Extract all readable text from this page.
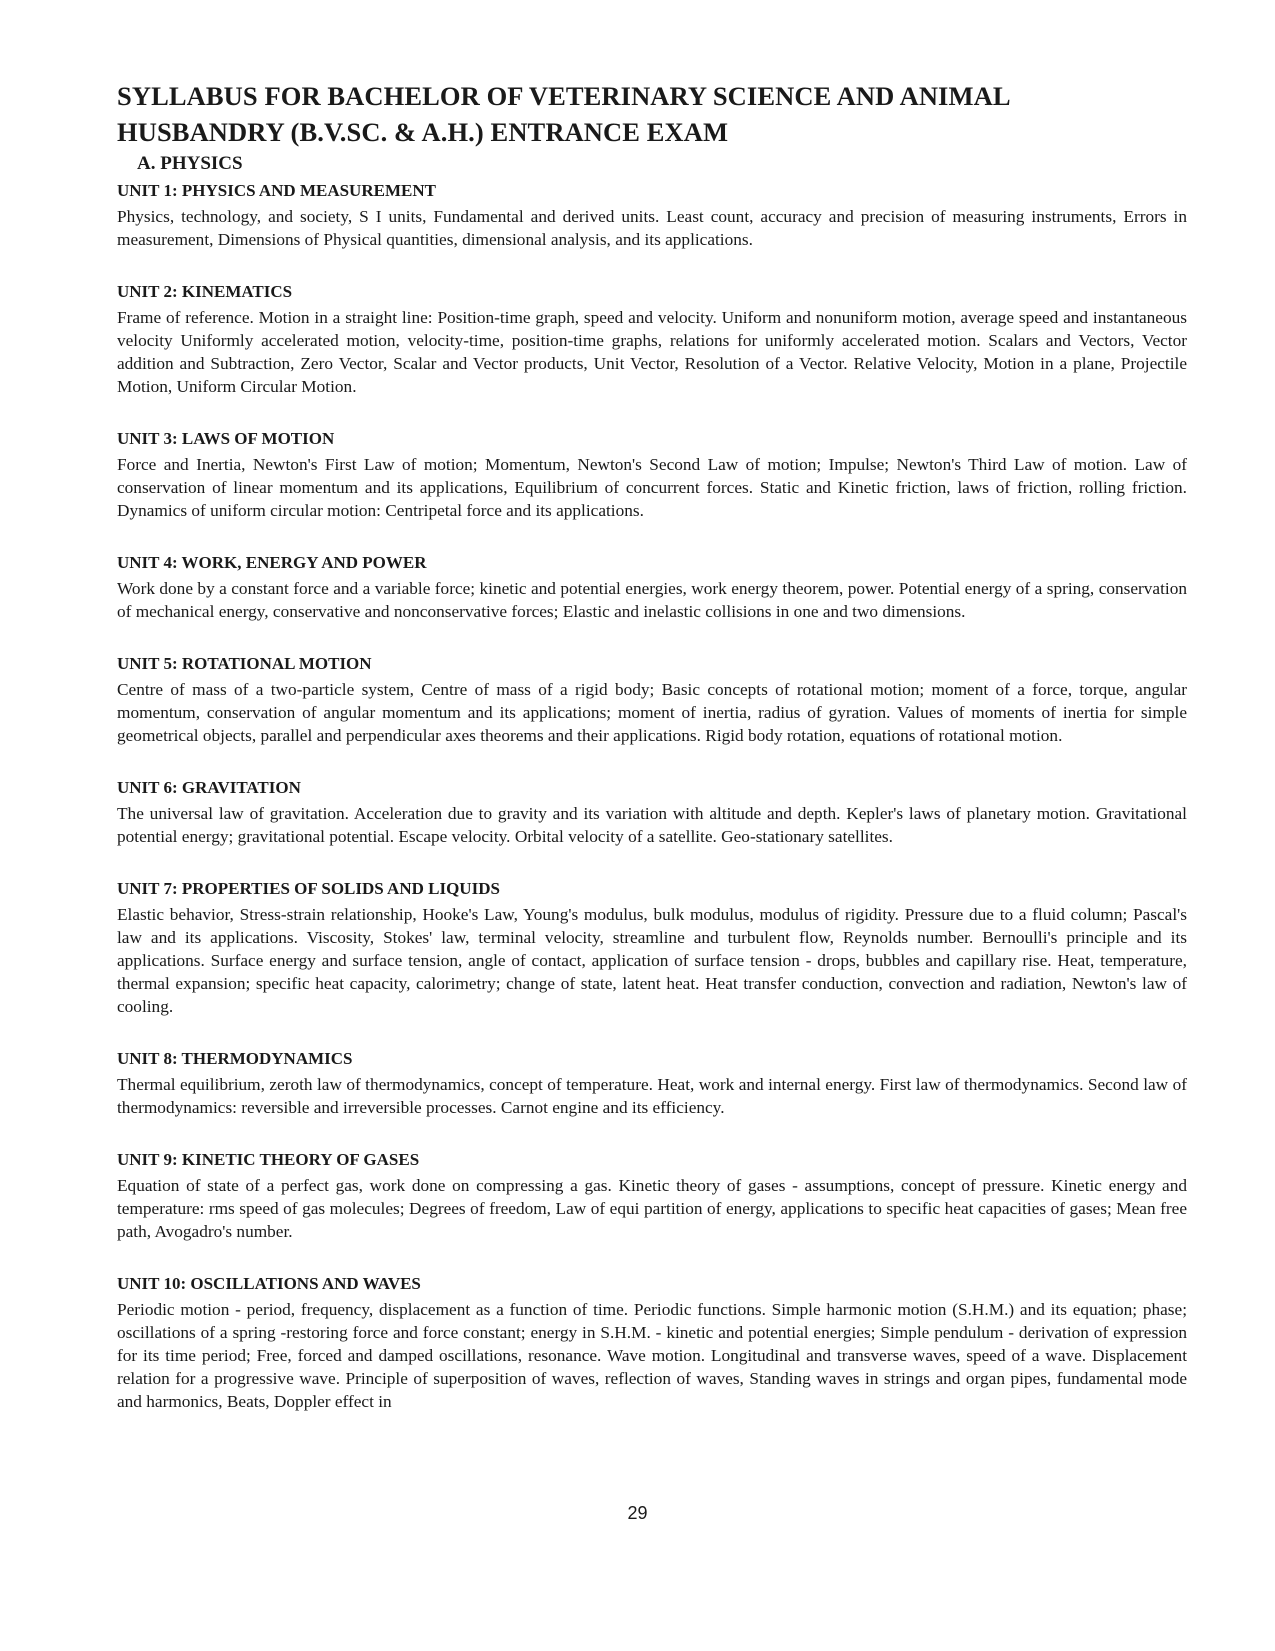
SYLLABUS FOR BACHELOR OF VETERINARY SCIENCE AND ANIMAL
HUSBANDRY (B.V.SC. & A.H.) ENTRANCE EXAM
A. PHYSICS
UNIT 1: PHYSICS AND MEASUREMENT

Physics, technology, and society, S I units, Fundamental and derived units. Least count, accuracy and precision of measuring instruments, Errors in measurement, Dimensions of Physical quantities, dimensional analysis, and its applications.

UNIT 2: KINEMATICS

Frame of reference. Motion in a straight line: Position-time graph, speed and velocity. Uniform and nonuniform motion, average speed and instantaneous velocity Uniformly accelerated motion, velocity-time, position-time graphs, relations for uniformly accelerated motion. Scalars and Vectors, Vector addition and Subtraction, Zero Vector, Scalar and Vector products, Unit Vector, Resolution of a Vector. Relative Velocity, Motion in a plane, Projectile Motion, Uniform Circular Motion.

UNIT 3: LAWS OF MOTION

Force and Inertia, Newton's First Law of motion; Momentum, Newton's Second Law of motion; Impulse; Newton's Third Law of motion. Law of conservation of linear momentum and its applications, Equilibrium of concurrent forces. Static and Kinetic friction, laws of friction, rolling friction. Dynamics of uniform circular motion: Centripetal force and its applications.

UNIT 4: WORK, ENERGY AND POWER

Work done by a constant force and a variable force; kinetic and potential energies, work energy theorem, power. Potential energy of a spring, conservation of mechanical energy, conservative and nonconservative forces; Elastic and inelastic collisions in one and two dimensions.

UNIT 5: ROTATIONAL MOTION

Centre of mass of a two-particle system, Centre of mass of a rigid body; Basic concepts of rotational motion; moment of a force, torque, angular momentum, conservation of angular momentum and its applications; moment of inertia, radius of gyration. Values of moments of inertia for simple geometrical objects, parallel and perpendicular axes theorems and their applications. Rigid body rotation, equations of rotational motion.

UNIT 6: GRAVITATION

The universal law of gravitation. Acceleration due to gravity and its variation with altitude and depth. Kepler's laws of planetary motion. Gravitational potential energy; gravitational potential. Escape velocity. Orbital velocity of a satellite. Geo-stationary satellites.

UNIT 7: PROPERTIES OF SOLIDS AND LIQUIDS

Elastic behavior, Stress-strain relationship, Hooke's Law, Young's modulus, bulk modulus, modulus of rigidity. Pressure due to a fluid column; Pascal's law and its applications. Viscosity, Stokes' law, terminal velocity, streamline and turbulent flow, Reynolds number. Bernoulli's principle and its applications. Surface energy and surface tension, angle of contact, application of surface tension - drops, bubbles and capillary rise. Heat, temperature, thermal expansion; specific heat capacity, calorimetry; change of state, latent heat. Heat transfer conduction, convection and radiation, Newton's law of cooling.

UNIT 8: THERMODYNAMICS

Thermal equilibrium, zeroth law of thermodynamics, concept of temperature. Heat, work and internal energy. First law of thermodynamics. Second law of thermodynamics: reversible and irreversible processes. Carnot engine and its efficiency.

UNIT 9: KINETIC THEORY OF GASES

Equation of state of a perfect gas, work done on compressing a gas. Kinetic theory of gases - assumptions, concept of pressure. Kinetic energy and temperature: rms speed of gas molecules; Degrees of freedom, Law of equi partition of energy, applications to specific heat capacities of gases; Mean free path, Avogadro's number.

UNIT 10: OSCILLATIONS AND WAVES

Periodic motion - period, frequency, displacement as a function of time. Periodic functions. Simple harmonic motion (S.H.M.) and its equation; phase; oscillations of a spring -restoring force and force constant; energy in S.H.M. - kinetic and potential energies; Simple pendulum - derivation of expression for its time period; Free, forced and damped oscillations, resonance. Wave motion. Longitudinal and transverse waves, speed of a wave. Displacement relation for a progressive wave. Principle of superposition of waves, reflection of waves, Standing waves in strings and organ pipes, fundamental mode and harmonics, Beats, Doppler effect in

29
